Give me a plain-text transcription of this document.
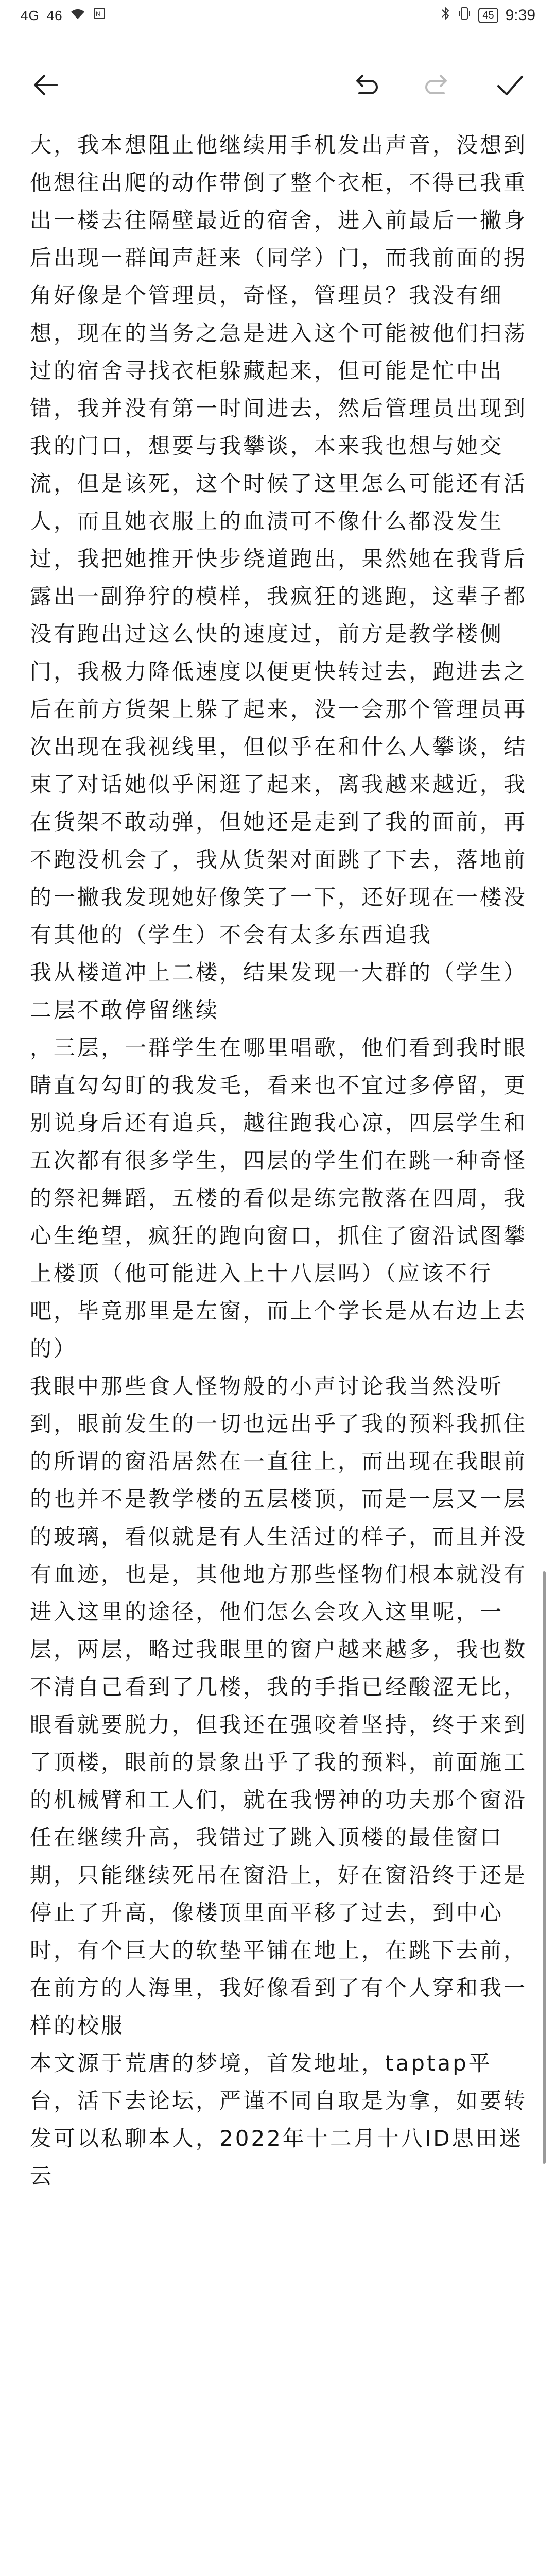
4G 46	N	45 9:39

大，我本想阻止他继续用手机发出声音，没想到他想往出爬的动作带倒了整个衣柜，不得已我重出一楼去往隔壁最近的宿舍，进入前最后一撇身后出现一群闻声赶来（同学）门，而我前面的拐角好像是个管理员，奇怪，管理员？我没有细想，现在的当务之急是进入这个可能被他们扫荡过的宿舍寻找衣柜躲藏起来，但可能是忙中出错，我并没有第一时间进去，然后管理员出现到我的门口，想要与我攀谈，本来我也想与她交流，但是该死，这个时候了这里怎么可能还有活人，而且她衣服上的血渍可不像什么都没发生过，我把她推开快步绕道跑出，果然她在我背后露出一副狰狞的模样，我疯狂的逃跑，这辈子都没有跑出过这么快的速度过，前方是教学楼侧门，我极力降低速度以便更快转过去，跑进去之后在前方货架上躲了起来，没一会那个管理员再次出现在我视线里，但似乎在和什么人攀谈，结束了对话她似乎闲逛了起来，离我越来越近，我在货架不敢动弹，但她还是走到了我的面前，再不跑没机会了，我从货架对面跳了下去，落地前的一撇我发现她好像笑了一下，还好现在一楼没有其他的（学生）不会有太多东西追我

我从楼道冲上二楼，结果发现一大群的（学生）二层不敢停留继续

，三层，一群学生在哪里唱歌，他们看到我时眼睛直勾勾盯的我发毛，看来也不宜过多停留，更别说身后还有追兵，越往跑我心凉，四层学生和五次都有很多学生，四层的学生们在跳一种奇怪的祭祀舞蹈，五楼的看似是练完散落在四周，我心生绝望，疯狂的跑向窗口，抓住了窗沿试图攀上楼顶（他可能进入上十八层吗）（应该不行吧，毕竟那里是左窗，而上个学长是从右边上去的）

我眼中那些食人怪物般的小声讨论我当然没听到，眼前发生的一切也远出乎了我的预料我抓住的所谓的窗沿居然在一直往上，而出现在我眼前的也并不是教学楼的五层楼顶，而是一层又一层的玻璃，看似就是有人生活过的样子，而且并没有血迹，也是，其他地方那些怪物们根本就没有进入这里的途径，他们怎么会攻入这里呢，一层，两层，略过我眼里的窗户越来越多，我也数不清自己看到了几楼，我的手指已经酸涩无比，眼看就要脱力，但我还在强咬着坚持，终于来到了顶楼，眼前的景象出乎了我的预料，前面施工的机械臂和工人们，就在我愣神的功夫那个窗沿任在继续升高，我错过了跳入顶楼的最佳窗口期，只能继续死吊在窗沿上，好在窗沿终于还是停止了升高，像楼顶里面平移了过去，到中心时，有个巨大的软垫平铺在地上，在跳下去前，在前方的人海里，我好像看到了有个人穿和我一样的校服

本文源于荒唐的梦境，首发地址，taptap平台，活下去论坛，严谨不同自取是为拿，如要转发可以私聊本人，2022年十二月十八ID思田迷云
